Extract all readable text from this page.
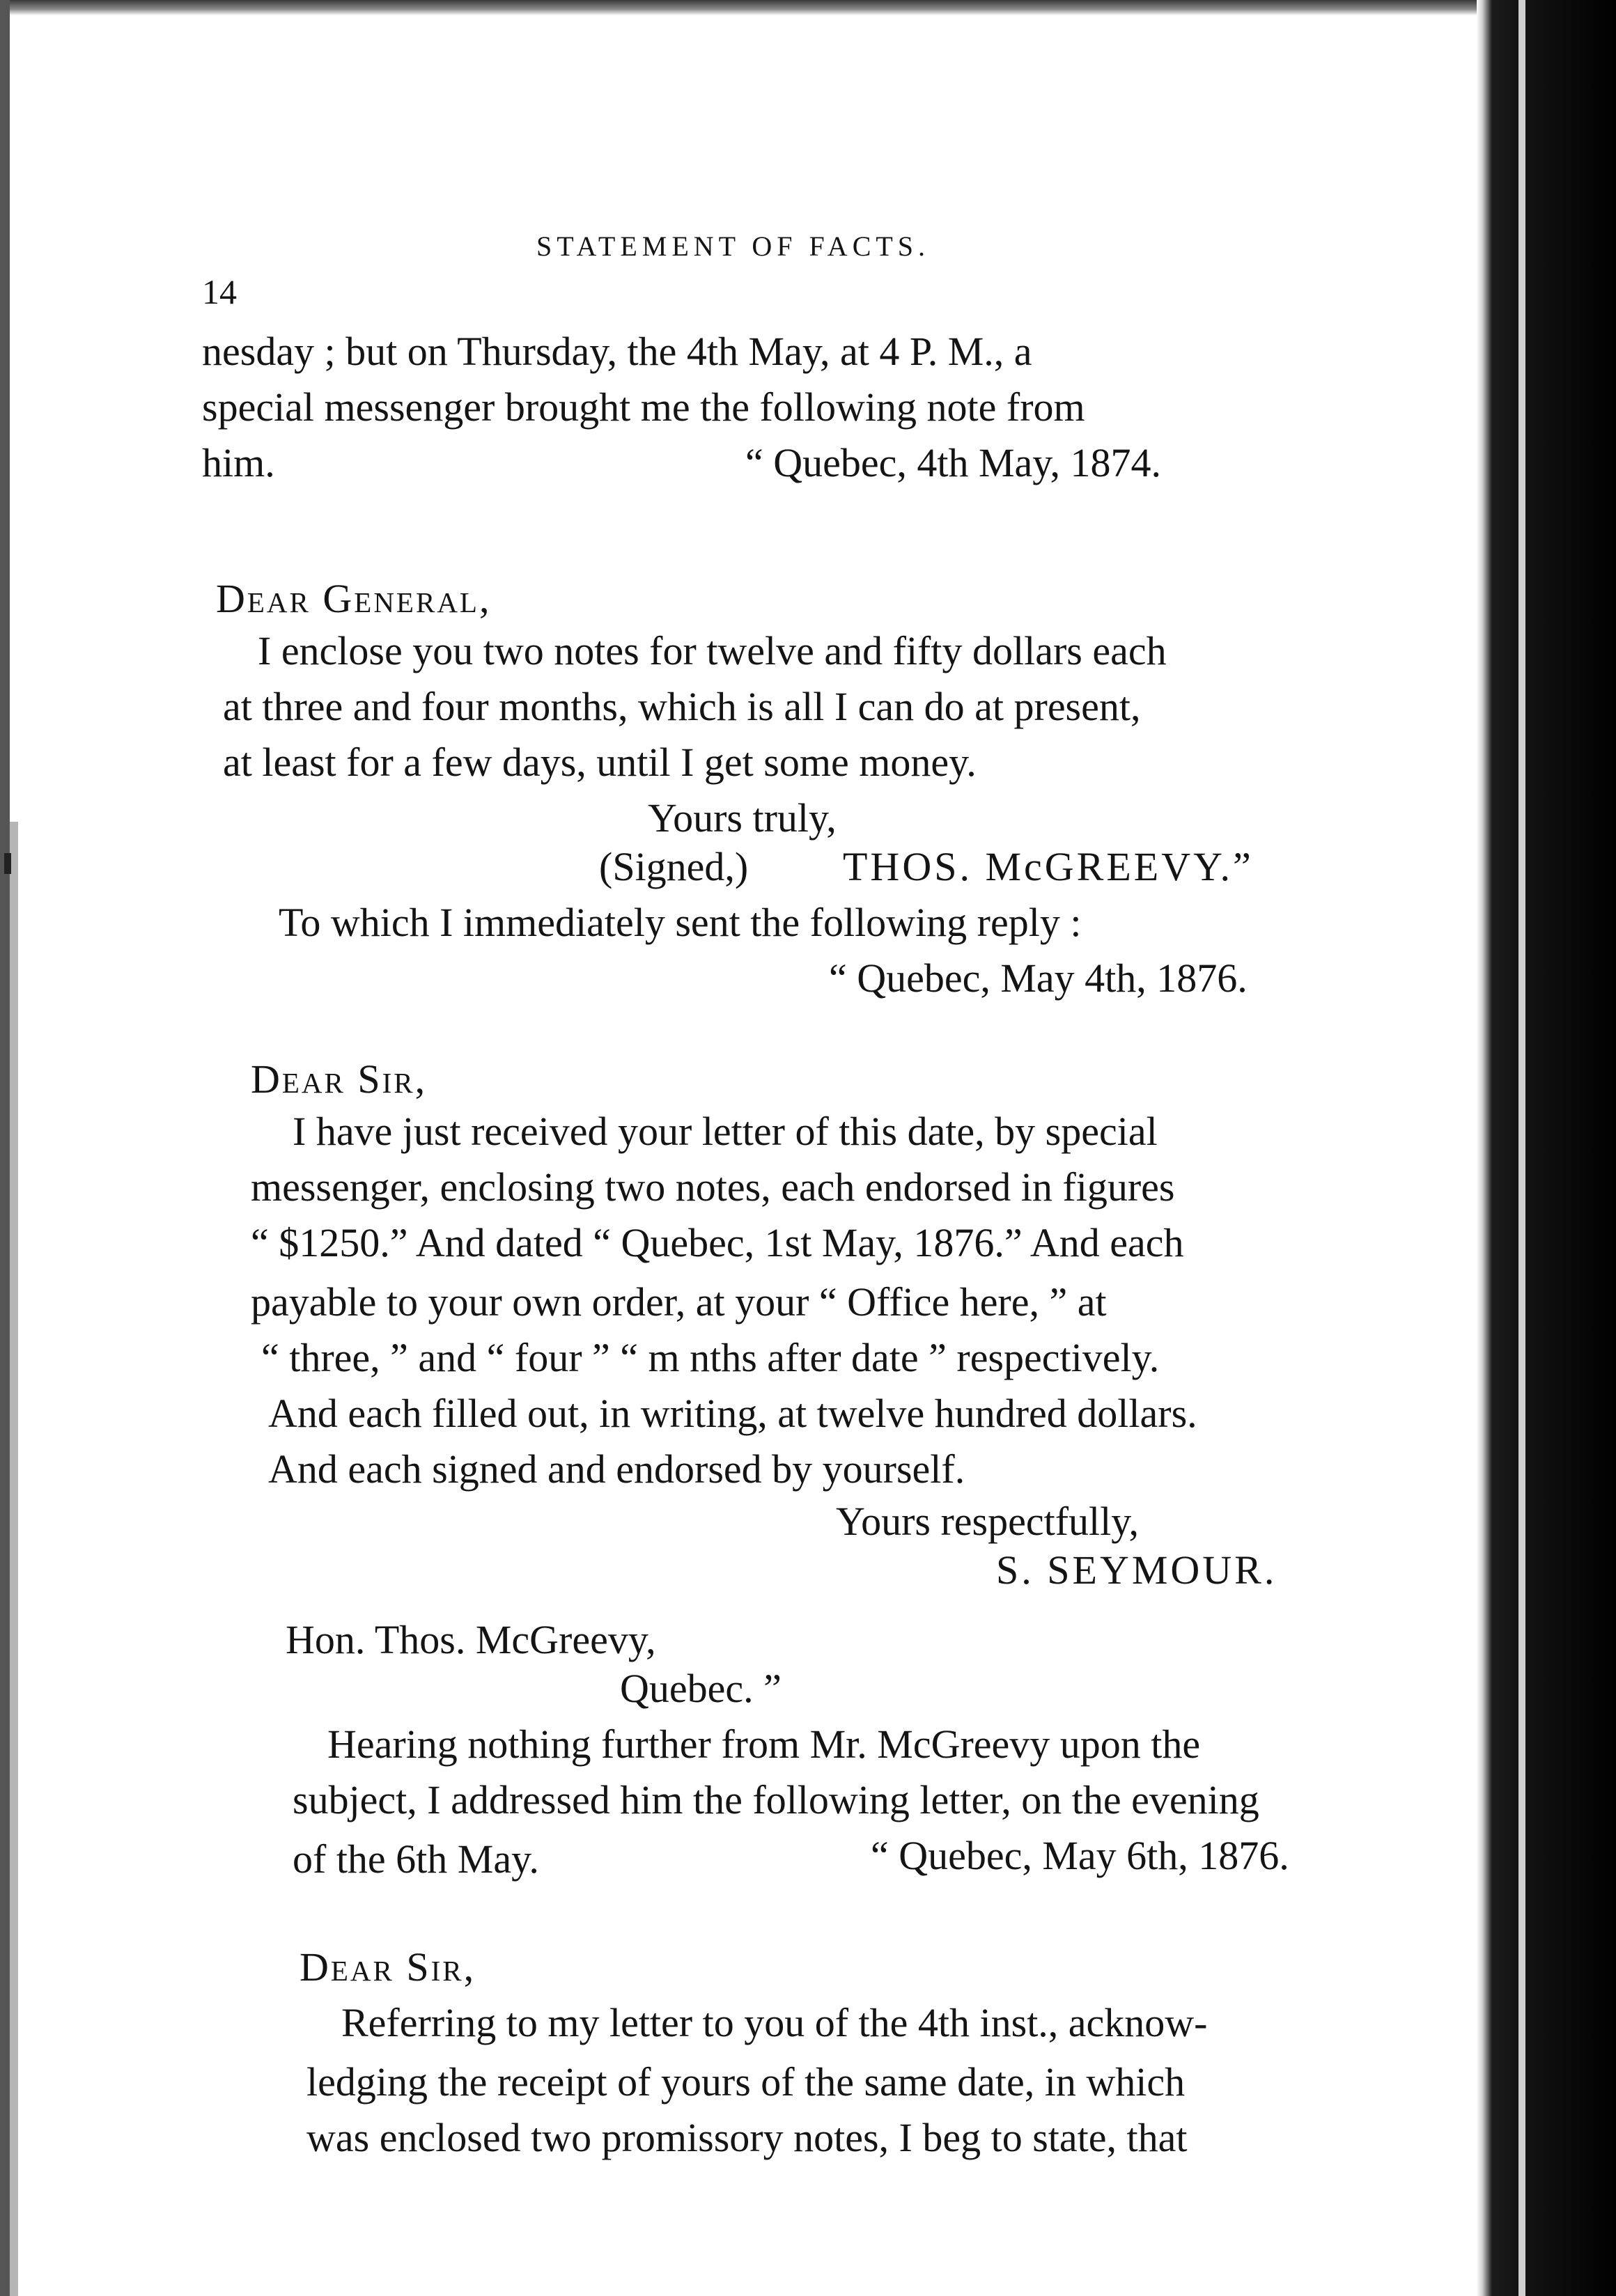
STATEMENT OF FACTS.
14
nesday ; but on Thursday, the 4th May, at 4 P. M., a
special messenger brought me the following note from
him.	“ Quebec, 4th May, 1874.
Dear General,
I enclose you two notes for twelve and fifty dollars each
at three and four months, which is all I can do at present,
at least for a few days, until I get some money.
Yours truly,
(Signed,) THOS. McGREEVY.”
To which I immediately sent the following reply :
“ Quebec, May 4th, 1876.
Dear Sir,
I have just received your letter of this date, by special
messenger, enclosing two notes, each endorsed in figures
“ $1250.” And dated “ Quebec, 1st May, 1876.” And each
payable to your own order, at your “ Office here, ” at
“ three, ” and “ four ” “ m nths after date ” respectively.
And each filled out, in writing, at twelve hundred dollars.
And each signed and endorsed by yourself.
Yours respectfully,
S. SEYMOUR.
Hon. Thos. McGreevy,
Quebec. ”
Hearing nothing further from Mr. McGreevy upon the
subject, I addressed him the following letter, on the evening
of the 6th May.	“ Quebec, May 6th, 1876.
Dear Sir,
Referring to my letter to you of the 4th inst., acknow-
ledging the receipt of yours of the same date, in which
was enclosed two promissory notes, I beg to state, that
